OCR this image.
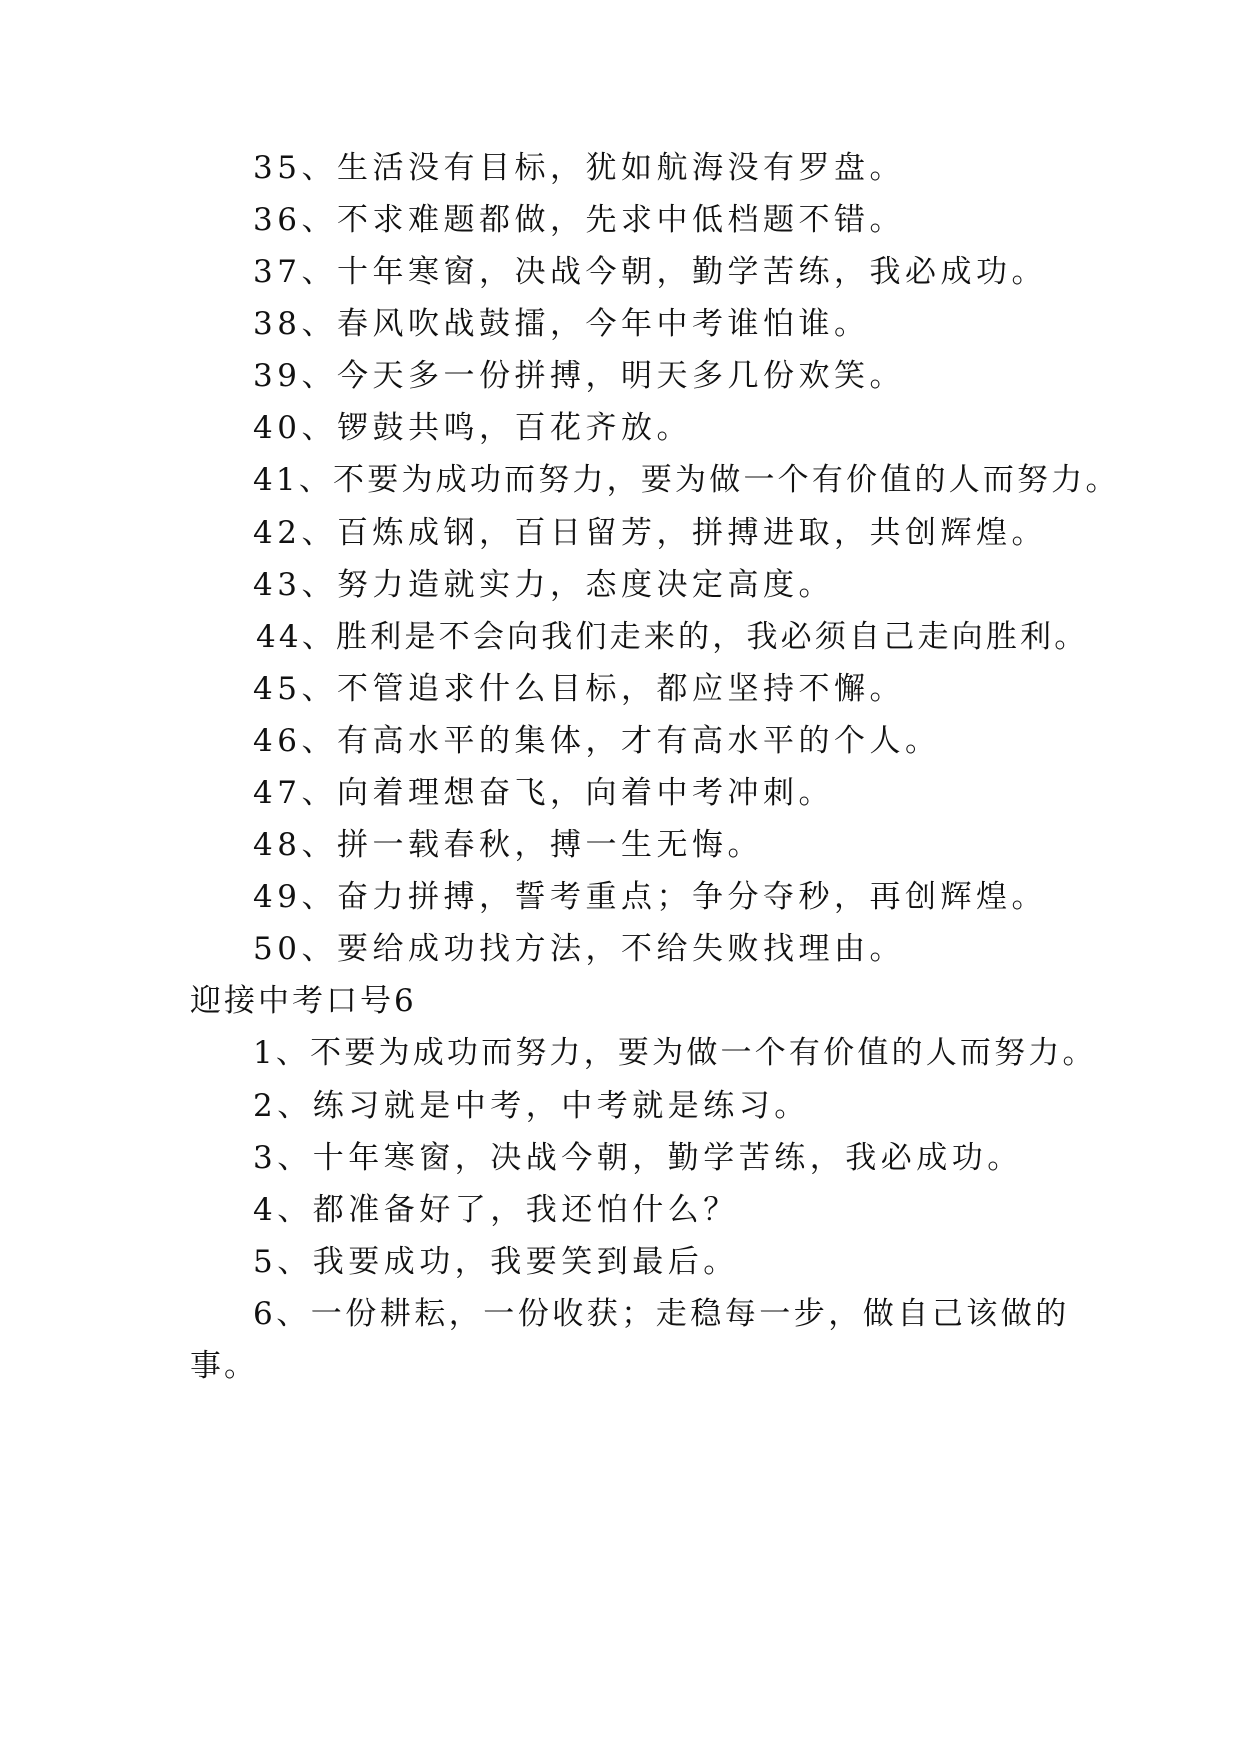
35、生活没有目标，犹如航海没有罗盘。
36、不求难题都做，先求中低档题不错。
37、十年寒窗，决战今朝，勤学苦练，我必成功。
38、春风吹战鼓擂，今年中考谁怕谁。
39、今天多一份拼搏，明天多几份欢笑。
40、锣鼓共鸣，百花齐放。
41、不要为成功而努力，要为做一个有价值的人而努力。
42、百炼成钢，百日留芳，拼搏进取，共创辉煌。
43、努力造就实力，态度决定高度。
44、胜利是不会向我们走来的，我必须自己走向胜利。
45、不管追求什么目标，都应坚持不懈。
46、有高水平的集体，才有高水平的个人。
47、向着理想奋飞，向着中考冲刺。
48、拼一载春秋，搏一生无悔。
49、奋力拼搏，誓考重点；争分夺秒，再创辉煌。
50、要给成功找方法，不给失败找理由。
迎接中考口号6
1、不要为成功而努力，要为做一个有价值的人而努力。
2、练习就是中考，中考就是练习。
3、十年寒窗，决战今朝，勤学苦练，我必成功。
4、都准备好了，我还怕什么？
5、我要成功，我要笑到最后。
6、一份耕耘，一份收获；走稳每一步，做自己该做的
事。
